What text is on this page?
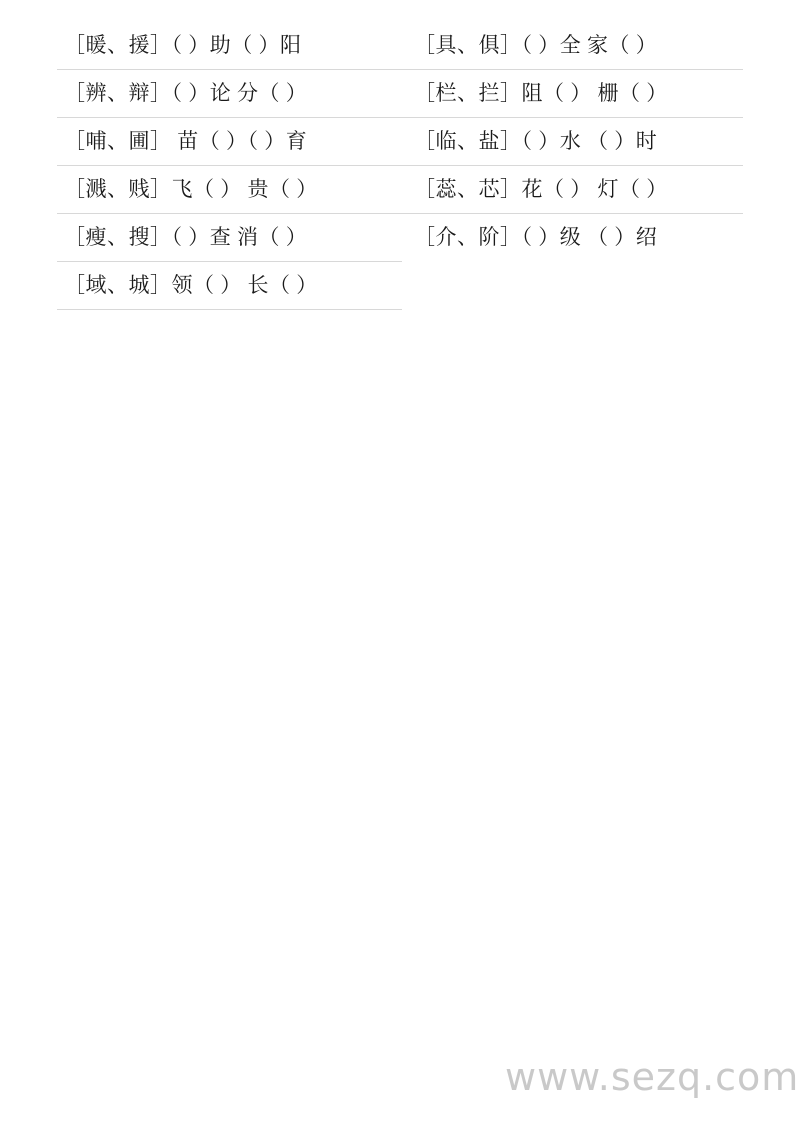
［暖、援］（ ）助（ ）阳	［具、俱］（ ）全 家（ ）

［辨、辩］（ ）论 分（ ）	［栏、拦］阻（ ） 栅（ ）

［哺、圃］ 苗（ ）（ ）育	［临、盐］（ ）水 （ ）时

［溅、贱］飞（ ） 贵（ ）	［蕊、芯］花（ ） 灯（ ）

［瘦、搜］（ ）查 消（ ）	［介、阶］（ ）级 （ ）绍

［域、城］领（ ） 长（ ）	

www.sezq.com
